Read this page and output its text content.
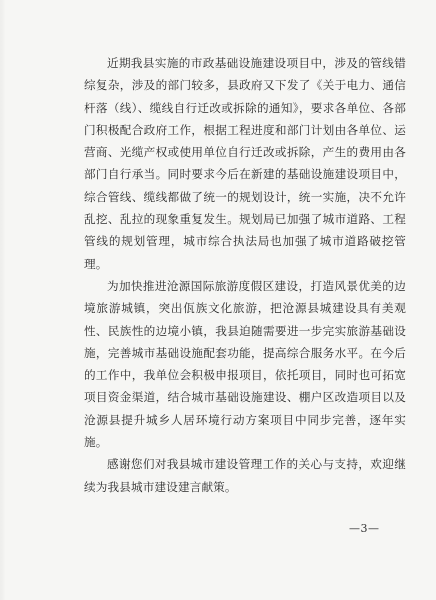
近期我县实施的市政基础设施建设项目中，涉及的管线错综复杂，涉及的部门较多，县政府又下发了《关于电力、通信杆落（线）、缆线自行迁改或拆除的通知》，要求各单位、各部门积极配合政府工作，根据工程进度和部门计划由各单位、运营商、光缆产权或使用单位自行迁改或拆除，产生的费用由各部门自行承当。同时要求今后在新建的基础设施建设项目中，综合管线、缆线都做了统一的规划设计，统一实施，决不允许乱挖、乱拉的现象重复发生。规划局已加强了城市道路、工程管线的规划管理，城市综合执法局也加强了城市道路破挖管理。

为加快推进沧源国际旅游度假区建设，打造风景优美的边境旅游城镇，突出佤族文化旅游，把沧源县城建设具有美观性、民族性的边境小镇，我县迫随需要进一步完实旅游基础设施，完善城市基础设施配套功能，提高综合服务水平。在今后的工作中，我单位会积极申报项目，依托项目，同时也可拓宽项目资金渠道，结合城市基础设施建设、棚户区改造项目以及沧源县提升城乡人居环境行动方案项目中同步完善，逐年实施。

感谢您们对我县城市建设管理工作的关心与支持，欢迎继续为我县城市建设建言献策。

—3—
